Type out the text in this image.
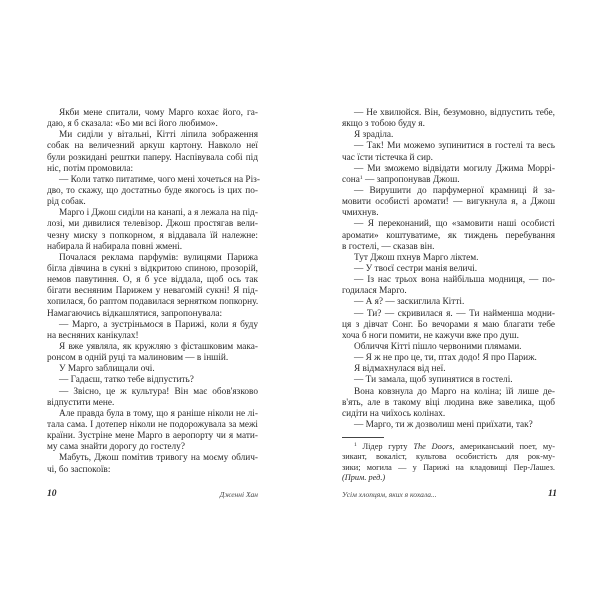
Якби мене спитали, чому Марго кохає його, га-
даю, я б сказала: «Бо ми всі його любимо».
Ми сиділи у вітальні, Кітті ліпила зображення
собак на величезний аркуш картону. Навколо неї
були розкидані рештки паперу. Наспівувала собі під
ніс, потім промовила:
— Коли татко питатиме, чого мені хочеться на Різ-
дво, то скажу, що достатньо буде якогось із цих по-
рід собак.
Марго і Джош сиділи на канапі, а я лежала на під-
лозі, ми дивилися телевізор. Джош простягав вели-
чезну миску з попкорном, я віддавала їй належне:
набирала й набирала повні жмені.
Почалася реклама парфумів: вулицями Парижа
бігла дівчина в сукні з відкритою спиною, прозорій,
немов павутиння. О, я б усе віддала, щоб ось так
бігати весняним Парижем у невагомій сукні! Я під-
хопилася, бо раптом подавилася зернятком попкорну.
Намагаючись відкашлятися, запропонувала:
— Марго, а зустріньмося в Парижі, коли я буду
на весняних канікулах!
Я вже уявляла, як кружляю з фісташковим мака-
ронсом в одній руці та малиновим — в іншій.
У Марго заблищали очі.
— Гадаєш, татко тебе відпустить?
— Звісно, це ж культура! Він має обов'язково
відпустити мене.
Але правда була в тому, що я раніше ніколи не лі-
тала сама. І дотепер ніколи не подорожувала за межі
країни. Зустріне мене Марго в аеропорту чи я мати-
му сама знайти дорогу до гостелу?
Мабуть, Джош помітив тривогу на моєму облич-
чі, бо заспокоїв:
10	Дженні Хан
— Не хвилюйся. Він, безумовно, відпустить тебе,
якщо з тобою буду я.
Я зраділа.
— Так! Ми можемо зупинитися в гостелі та весь
час їсти тістечка й сир.
— Ми зможемо відвідати могилу Джима Моррі-
сона$^1$ — запропонував Джош.
— Вирушити до парфумерної крамниці й за-
мовити особисті аромати! — вигукнула я, а Джош
чмихнув.
— Я переконаний, що «замовити наші особисті
аромати» коштуватиме, як тиждень перебування
в гостелі, — сказав він.
Тут Джош пхнув Марго ліктем.
— У твоєї сестри манія величі.
— Із нас трьох вона найбільша модниця, — по-
годилася Марго.
— А я? — заскиглила Кітті.
— Ти? — скривилася я. — Ти найменша модни-
ця з дівчат Сонг. Бо вечорами я маю благати тебе
хоча б ноги помити, не кажучи вже про душ.
Обличчя Кітті пішло червоними плямами.
— Я ж не про це, ти, птах додо! Я про Париж.
Я відмахнулася від неї.
— Ти замала, щоб зупинятися в гостелі.
Вона ковзнула до Марго на коліна; їй лише де-
в'ять, але в такому віці людина вже завелика, щоб
сидіти на чиїхось колінах.
— Марго, ти ж дозволиш мені приїхати, так?
$^1$ Лідер гурту The Doors, американський поет, му-
зикант, вокаліст, культова особистість для рок-му-
зики; могила — у Парижі на кладовищі Пер-Лашез.
(Прим. ред.)
Усім хлопцям, яких я кохала...	11
